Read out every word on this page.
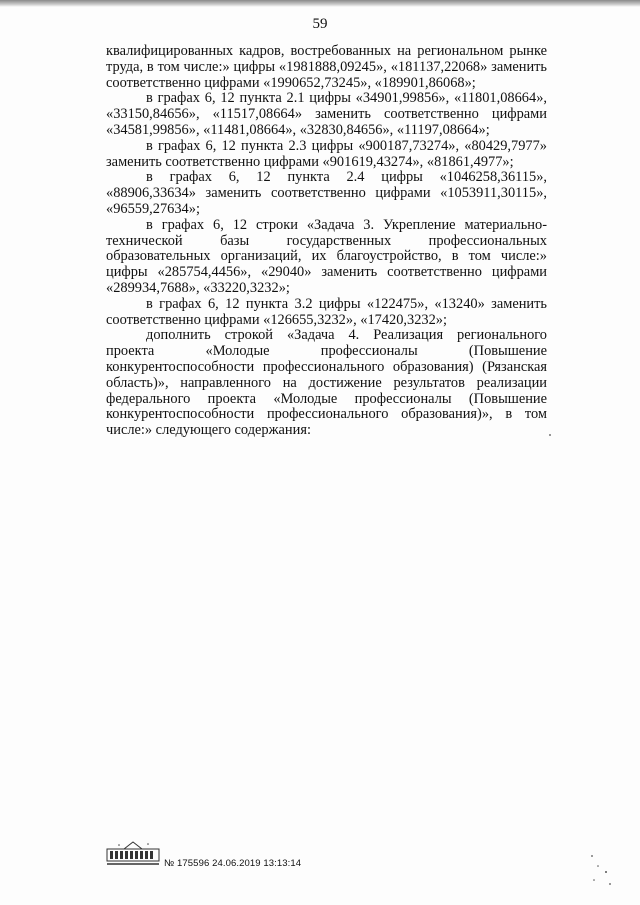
59

квалифицированных кадров, востребованных на региональном рынке труда, в том числе:» цифры «1981888,09245», «181137,22068» заменить соответственно цифрами «1990652,73245», «189901,86068»;

в графах 6, 12 пункта 2.1 цифры «34901,99856», «11801,08664», «33150,84656», «11517,08664» заменить соответственно цифрами «34581,99856», «11481,08664», «32830,84656», «11197,08664»;

в графах 6, 12 пункта 2.3 цифры «900187,73274», «80429,7977» заменить соответственно цифрами «901619,43274», «81861,4977»;

в графах 6, 12 пункта 2.4 цифры «1046258,36115», «88906,33634» заменить соответственно цифрами «1053911,30115», «96559,27634»;

в графах 6, 12 строки «Задача 3. Укрепление материально-технической базы государственных профессиональных образовательных организаций, их благоустройство, в том числе:» цифры «285754,4456», «29040» заменить соответственно цифрами «289934,7688», «33220,3232»;

в графах 6, 12 пункта 3.2 цифры «122475», «13240» заменить соответственно цифрами «126655,3232», «17420,3232»;

дополнить строкой «Задача 4. Реализация регионального проекта «Молодые профессионалы (Повышение конкурентоспособности профессионального образования) (Рязанская область)», направленного на достижение результатов реализации федерального проекта «Молодые профессионалы (Повышение конкурентоспособности профессионального образования)», в том числе:» следующего содержания:

№ 175596 24.06.2019 13:13:14
